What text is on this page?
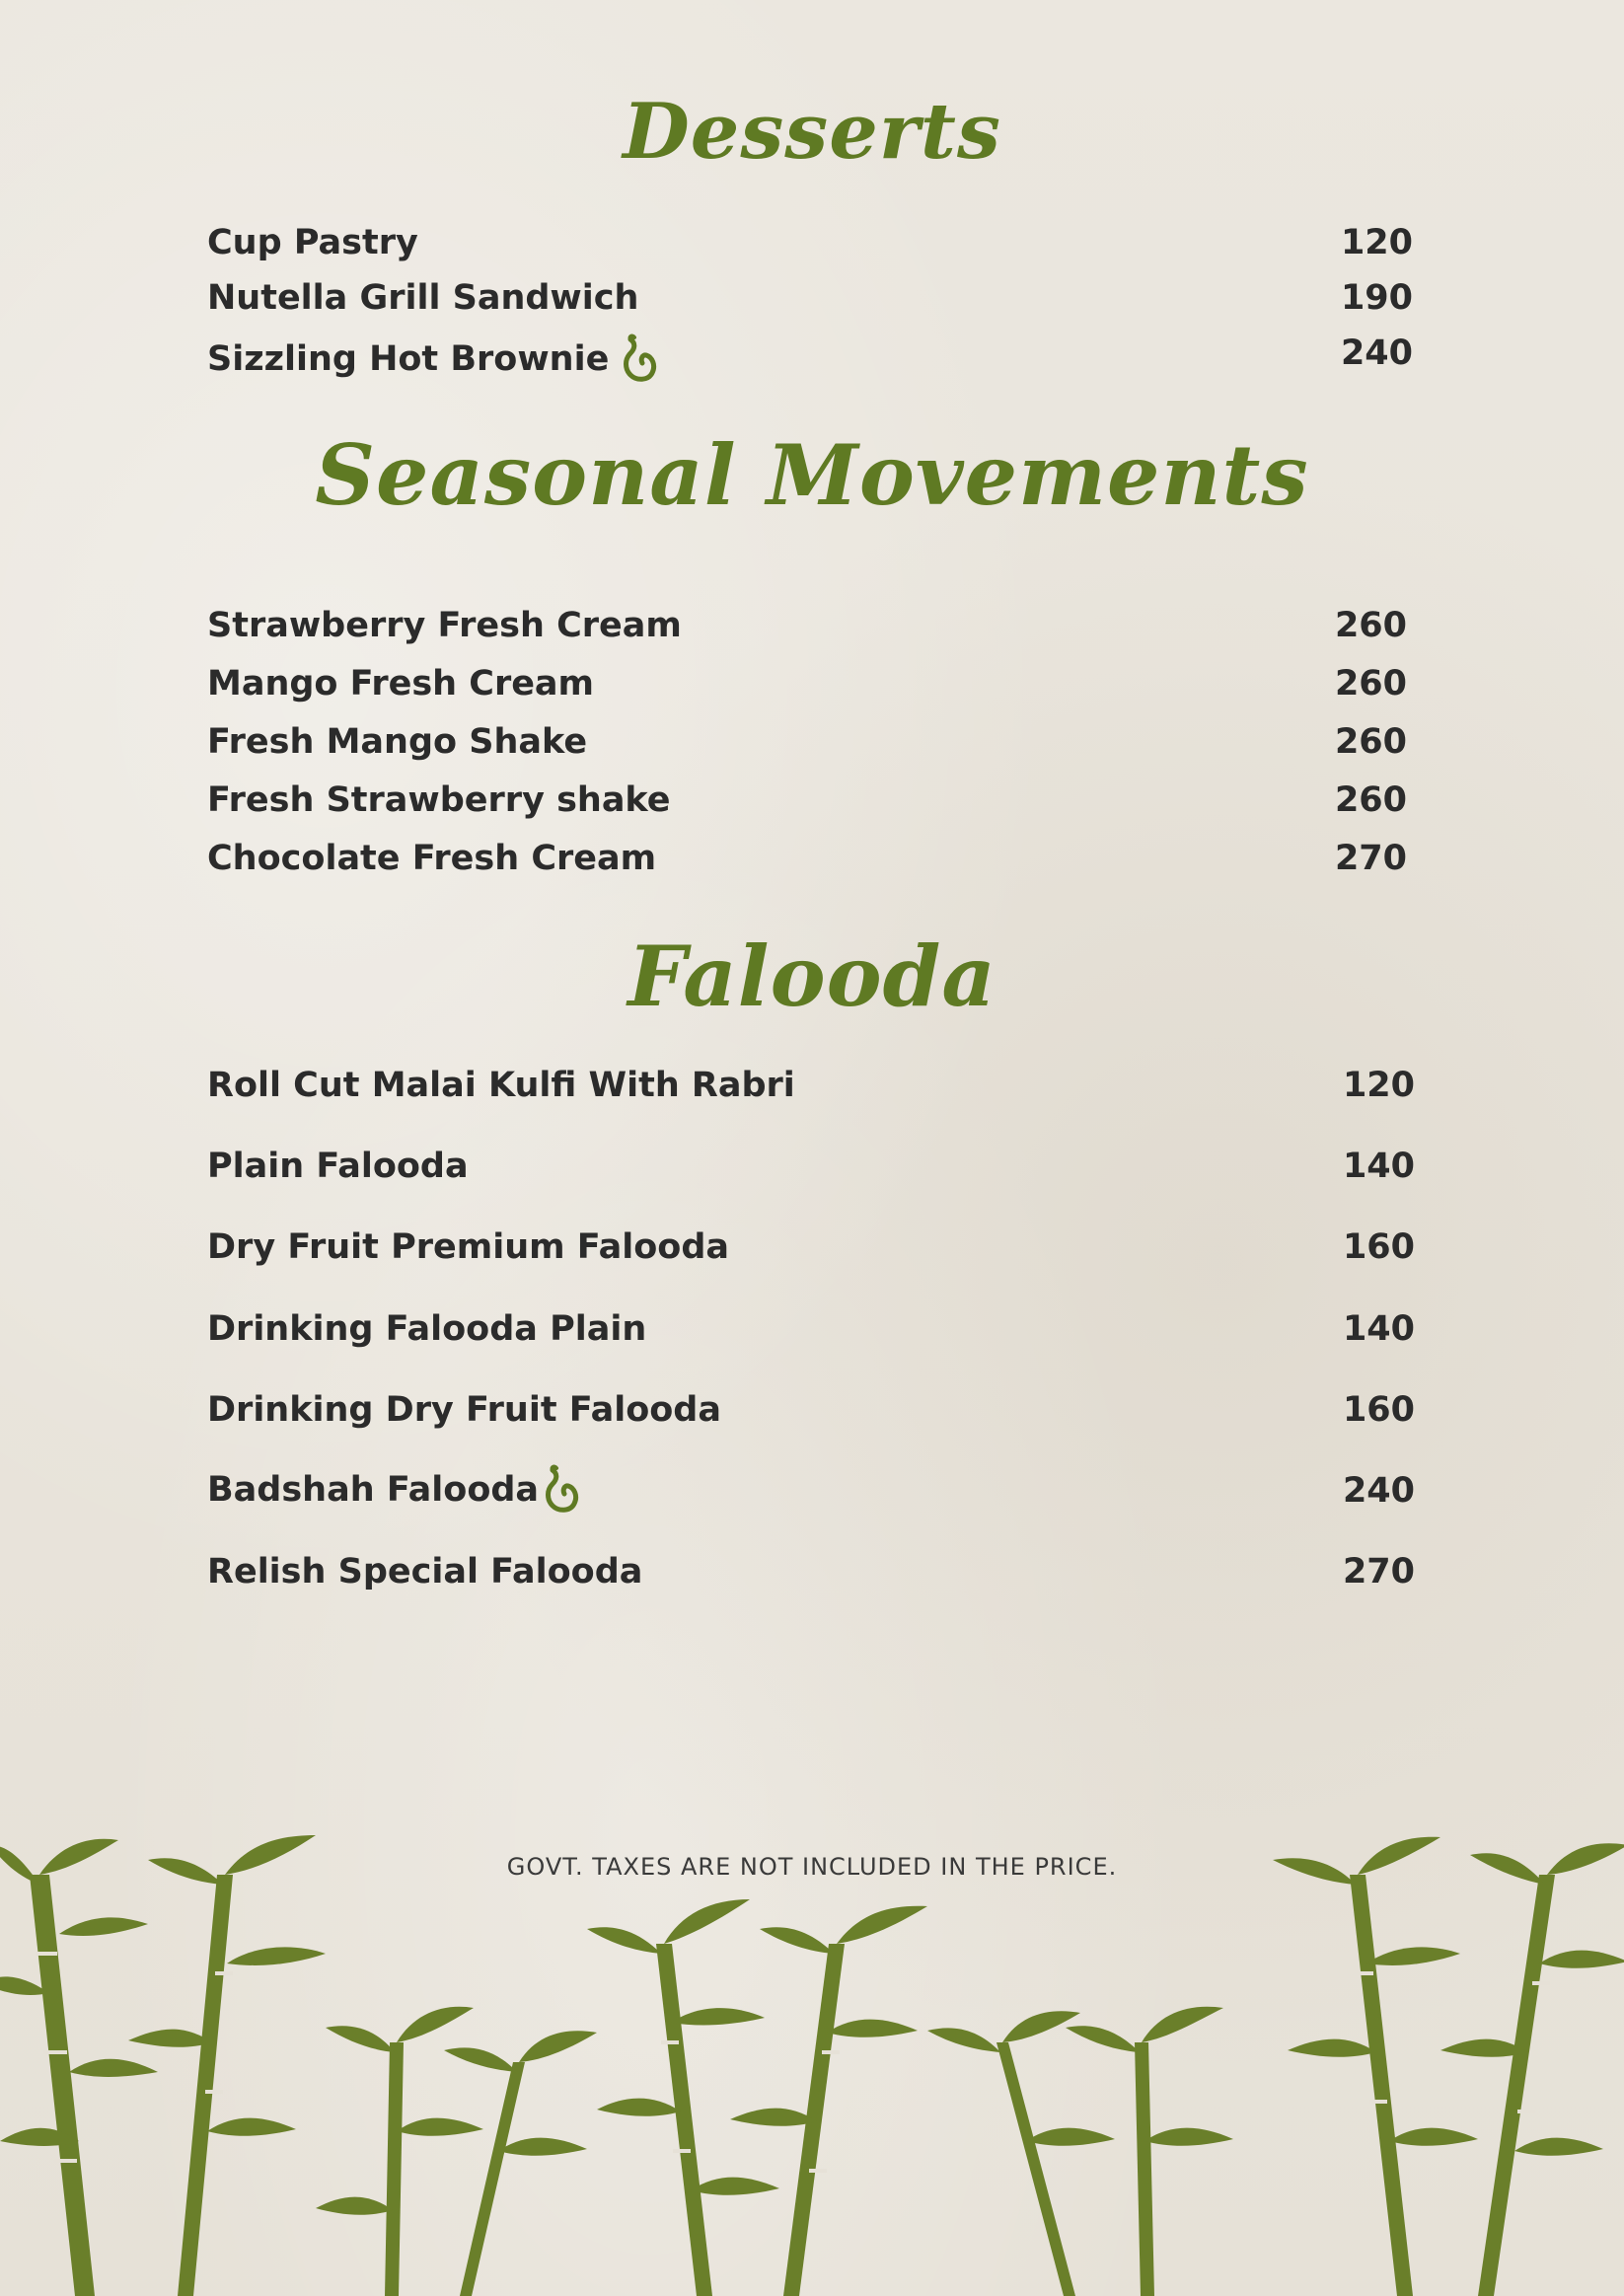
Desserts
Cup Pastry	120
Nutella Grill Sandwich	190
Sizzling Hot Brownie	240
Seasonal Movements
Strawberry Fresh Cream	260
Mango Fresh Cream	260
Fresh Mango Shake	260
Fresh Strawberry shake	260
Chocolate Fresh Cream	270
Falooda
Roll Cut Malai Kulfi With Rabri	120
Plain Falooda	140
Dry Fruit Premium Falooda	160
Drinking Falooda Plain	140
Drinking Dry Fruit Falooda	160
Badshah Falooda	240
Relish Special Falooda	270
GOVT. TAXES ARE NOT INCLUDED IN THE PRICE.
